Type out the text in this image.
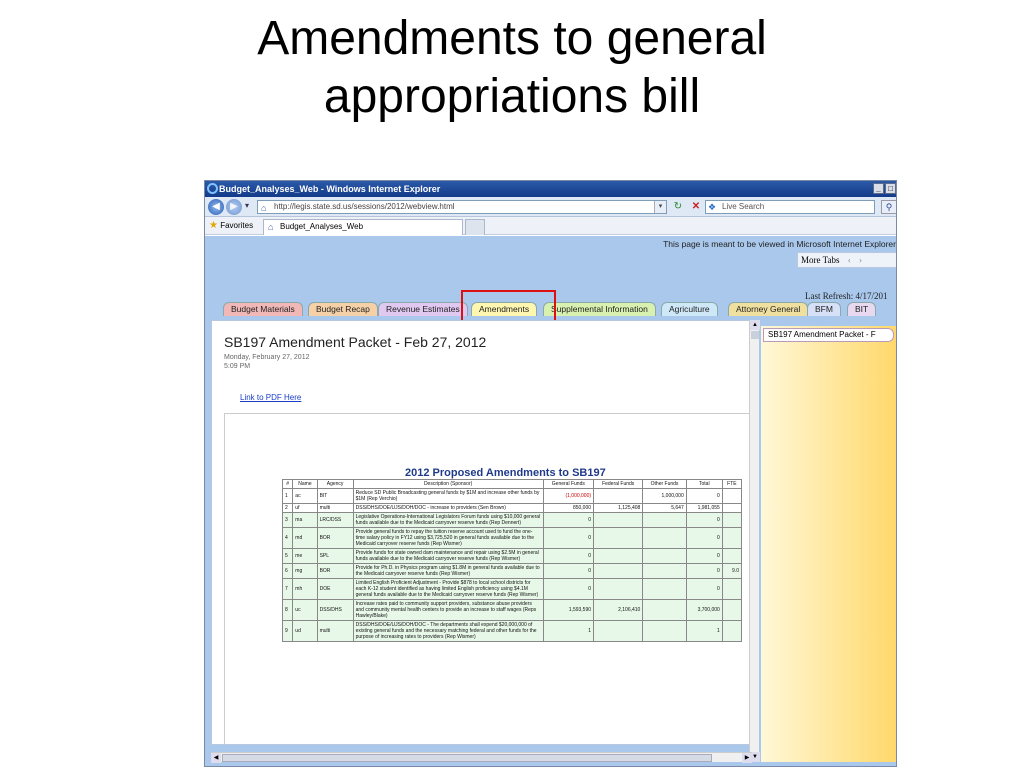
Amendments to general
appropriations bill
Budget_Analyses_Web - Windows Internet Explorer	_ □
◀	▶ ▾ ⌂ http://legis.state.sd.us/sessions/2012/webview.html	▾	↻ ✕ ❖ Live Search	⚲
★ Favorites ⌂ Budget_Analyses_Web
This page is meant to be viewed in Microsoft Internet Explorer
More Tabs ‹ ›
Last Refresh: 4/17/201
Budget Materials	Budget Recap	Revenue Estimates	Amendments	Supplemental Information	Agriculture	Attorney General	BFM	BIT
SB197 Amendment Packet - Feb 27, 2012
Monday, February 27, 2012
5:09 PM
Link to PDF Here
2012 Proposed Amendments to SB197
#	Name	Agency	Description (Sponsor)	General Funds	Federal Funds	Other Funds	Total	FTE
1	ac	BIT	Reduce SD Public Broadcasting general funds by $1M and increase other funds by $1M (Rep Verchio)	(1,000,000)		1,000,000	0	
2	uf	multi	DSS/DHS/DOE/UJS/DOH/DOC - increase to providers (Sen Brown)	850,000	1,125,408	5,647	1,981,055	
3	ma	LRC/DSS	Legislative Operations-International Legislators Forum funds using $10,000 general funds available due to the Medicaid carryover reserve funds (Rep Dennert)	0			0	
4	md	BOR	Provide general funds to repay the tuition reserve account used to fund the one-time salary policy in FY12 using $3,725,520 in general funds available due to the Medicaid carryover reserve funds (Rep Wismer)	0			0	
5	me	SPL	Provide funds for state owned dam maintenance and repair using $2.5M in general funds available due to the Medicaid carryover reserve funds (Rep Wismer)	0			0	
6	mg	BOR	Provide for Ph.D. in Physics program using $1.8M in general funds available due to the Medicaid carryover reserve funds (Rep Wismer)	0			0	9.0
7	mh	DOE	Limited English Proficient Adjustment - Provide $878 to local school districts for each K-12 student identified as having limited English proficiency using $4.1M general funds available due to the Medicaid carryover reserve funds (Rep Wismer)	0			0	
8	uc	DSS/DHS	Increase rates paid to community support providers, substance abuse providers and community mental health centers to provide an increase to staff wages (Reps Hawley/Blake)	1,593,590	2,106,410		3,700,000	
9	ud	multi	DSS/DHS/DOE/UJS/DOH/DOC - The departments shall expend $20,000,000 of existing general funds and the necessary matching federal and other funds for the purpose of increasing rates to providers (Rep Wismer)	1			1	
▲
▼
◀	▶
SB197 Amendment Packet - F
